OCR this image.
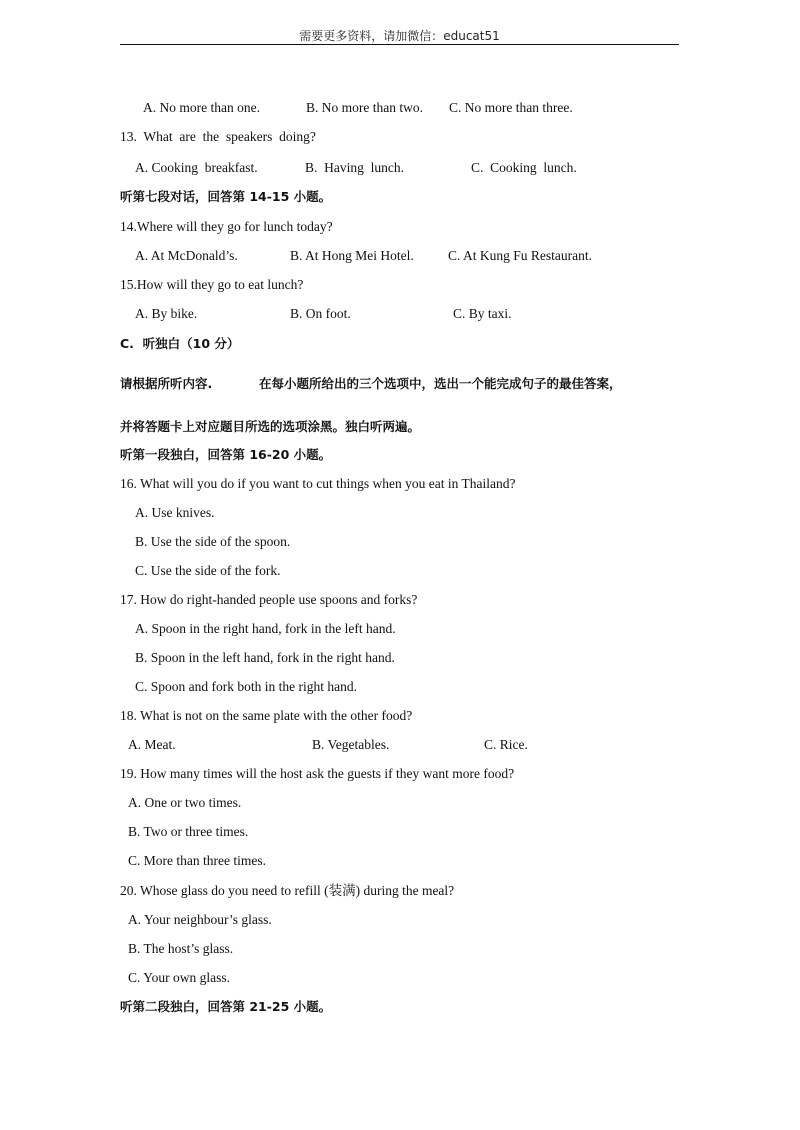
需要更多资料，请加微信：educat51
A. No more than one.	B. No more than two. C. No more than three.
13.  What  are  the  speakers  doing?
A. Cooking  breakfast.	B.  Having  lunch.	C.  Cooking  lunch.
听第七段对话，回答第 14-15 小题。
14.Where will they go for lunch today?
A. At McDonald’s.	B. At Hong Mei Hotel.	C. At Kung Fu Restaurant.
15.How will they go to eat lunch?
A. By bike.	B. On foot.	C. By taxi.
C.  听独白（10 分）
请根据所听内容.	在每小题所给出的三个选项中，选出一个能完成句子的最佳答案，
并将答题卡上对应题目所选的选项涂黑。独白听两遍。
听第一段独白，回答第 16-20 小题。
16. What will you do if you want to cut things when you eat in Thailand?
A. Use knives.
B. Use the side of the spoon.
C. Use the side of the fork.
17. How do right-handed people use spoons and forks?
A. Spoon in the right hand, fork in the left hand.
B. Spoon in the left hand, fork in the right hand.
C. Spoon and fork both in the right hand.
18. What is not on the same plate with the other food?
A. Meat.	B. Vegetables.	C. Rice.
19. How many times will the host ask the guests if they want more food?
A. One or two times.
B. Two or three times.
C. More than three times.
20. Whose glass do you need to refill (装满) during the meal?
A. Your neighbour’s glass.
B. The host’s glass.
C. Your own glass.
听第二段独白，回答第 21-25 小题。
